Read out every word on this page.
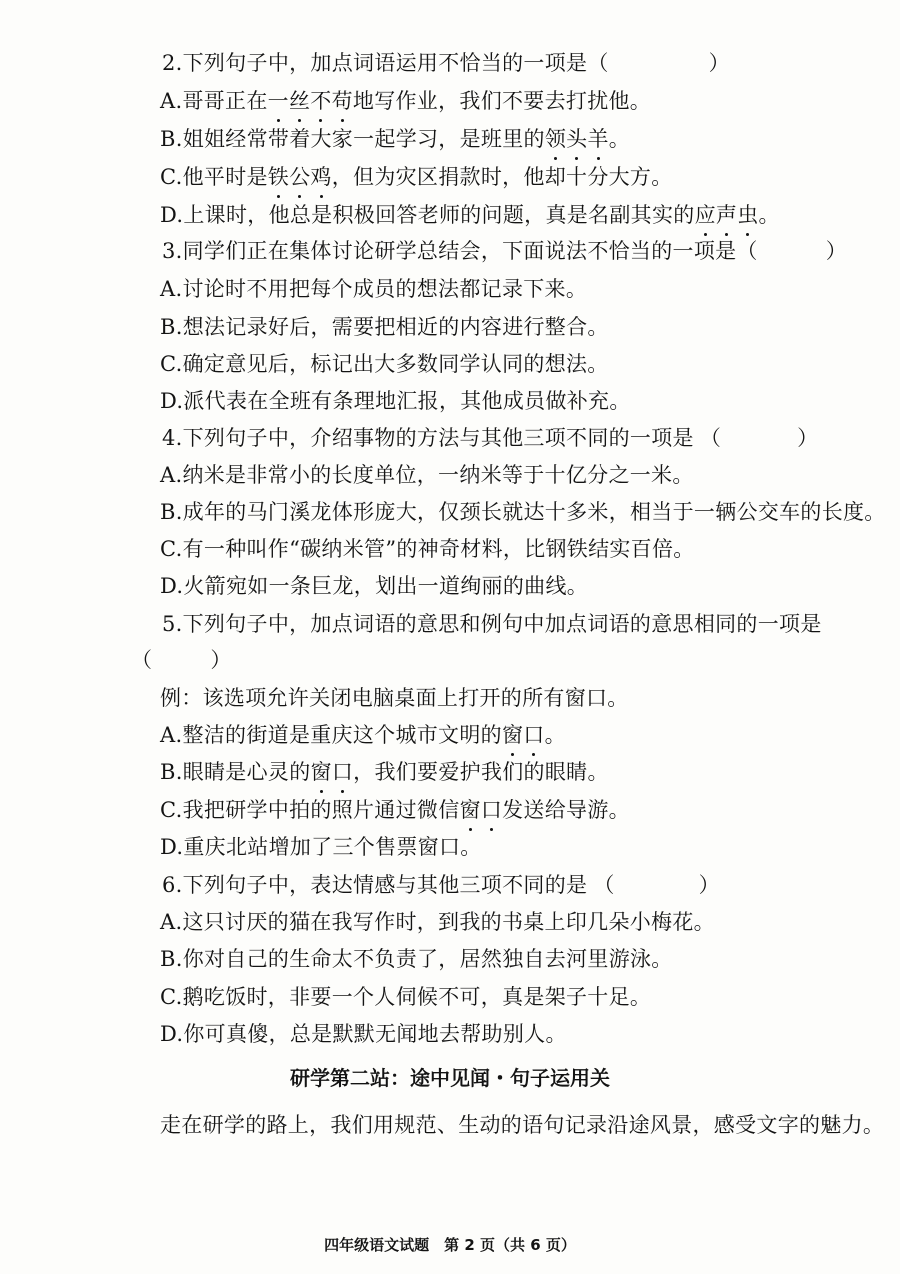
2.下列句子中，加点词语运用不恰当的一项是（	）
A.哥哥正在一丝不苟地写作业，我们不要去打扰他。
B.姐姐经常带着大家一起学习，是班里的领头羊。
C.他平时是铁公鸡，但为灾区捐款时，他却十分大方。
D.上课时，他总是积极回答老师的问题，真是名副其实的应声虫。
3.同学们正在集体讨论研学总结会，下面说法不恰当的一项是（	）
A.讨论时不用把每个成员的想法都记录下来。
B.想法记录好后，需要把相近的内容进行整合。
C.确定意见后，标记出大多数同学认同的想法。
D.派代表在全班有条理地汇报，其他成员做补充。
4.下列句子中，介绍事物的方法与其他三项不同的一项是 （	）
A.纳米是非常小的长度单位，一纳米等于十亿分之一米。
B.成年的马门溪龙体形庞大，仅颈长就达十多米，相当于一辆公交车的长度。
C.有一种叫作“碳纳米管”的神奇材料，比钢铁结实百倍。
D.火箭宛如一条巨龙，划出一道绚丽的曲线。
5.下列句子中，加点词语的意思和例句中加点词语的意思相同的一项是
（	）
例：该选项允许关闭电脑桌面上打开的所有窗口。
A.整洁的街道是重庆这个城市文明的窗口。
B.眼睛是心灵的窗口，我们要爱护我们的眼睛。
C.我把研学中拍的照片通过微信窗口发送给导游。
D.重庆北站增加了三个售票窗口。
6.下列句子中，表达情感与其他三项不同的是 （	）
A.这只讨厌的猫在我写作时，到我的书桌上印几朵小梅花。
B.你对自己的生命太不负责了，居然独自去河里游泳。
C.鹅吃饭时，非要一个人伺候不可，真是架子十足。
D.你可真傻，总是默默无闻地去帮助别人。
研学第二站：途中见闻・句子运用关
走在研学的路上，我们用规范、生动的语句记录沿途风景，感受文字的魅力。
四年级语文试题　第 2 页（共 6 页）
